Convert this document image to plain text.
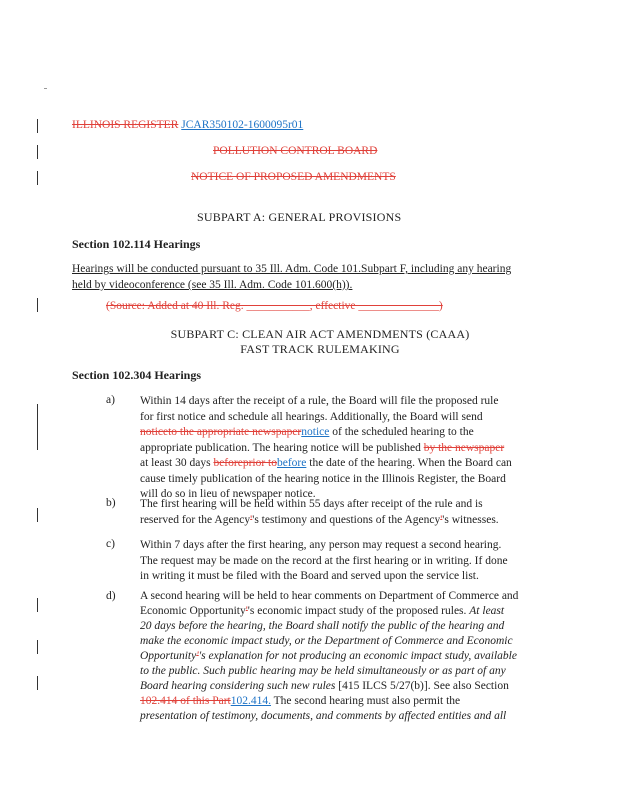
ILLINOIS REGISTER JCAR350102-1600095r01
POLLUTION CONTROL BOARD
NOTICE OF PROPOSED AMENDMENTS
SUBPART A: GENERAL PROVISIONS
Section 102.114 Hearings
Hearings will be conducted pursuant to 35 Ill. Adm. Code 101.Subpart F, including any hearing
held by videoconference (see 35 Ill. Adm. Code 101.600(h)).
(Source: Added at 40 Ill. Reg. ___________, effective ______________)
SUBPART C: CLEAN AIR ACT AMENDMENTS (CAAA)
FAST TRACK RULEMAKING
Section 102.304 Hearings
a) Within 14 days after the receipt of a rule, the Board will file the proposed rule for first notice and schedule all hearings. Additionally, the Board will send noticeto the appropriate newspapernotice of the scheduled hearing to the appropriate publication. The hearing notice will be published by the newspaper at least 30 days beforeprior tobefore the date of the hearing. When the Board can cause timely publication of the hearing notice in the Illinois Register, the Board will do so in lieu of newspaper notice.
b) The first hearing will be held within 55 days after receipt of the rule and is reserved for the Agency''s testimony and questions of the Agency''s witnesses.
c) Within 7 days after the first hearing, any person may request a second hearing. The request may be made on the record at the first hearing or in writing. If done in writing it must be filed with the Board and served upon the service list.
d) A second hearing will be held to hear comments on Department of Commerce and
Economic Opportunity''s economic impact study of the proposed rules. At least
20 days before the hearing, the Board shall notify the public of the hearing and
make the economic impact study, or the Department of Commerce and Economic
Opportunity''s explanation for not producing an economic impact study, available
to the public. Such public hearing may be held simultaneously or as part of any
Board hearing considering such new rules [415 ILCS 5/27(b)]. See also Section
102.414 of this Part102.414. The second hearing must also permit the
presentation of testimony, documents, and comments by affected entities and all
